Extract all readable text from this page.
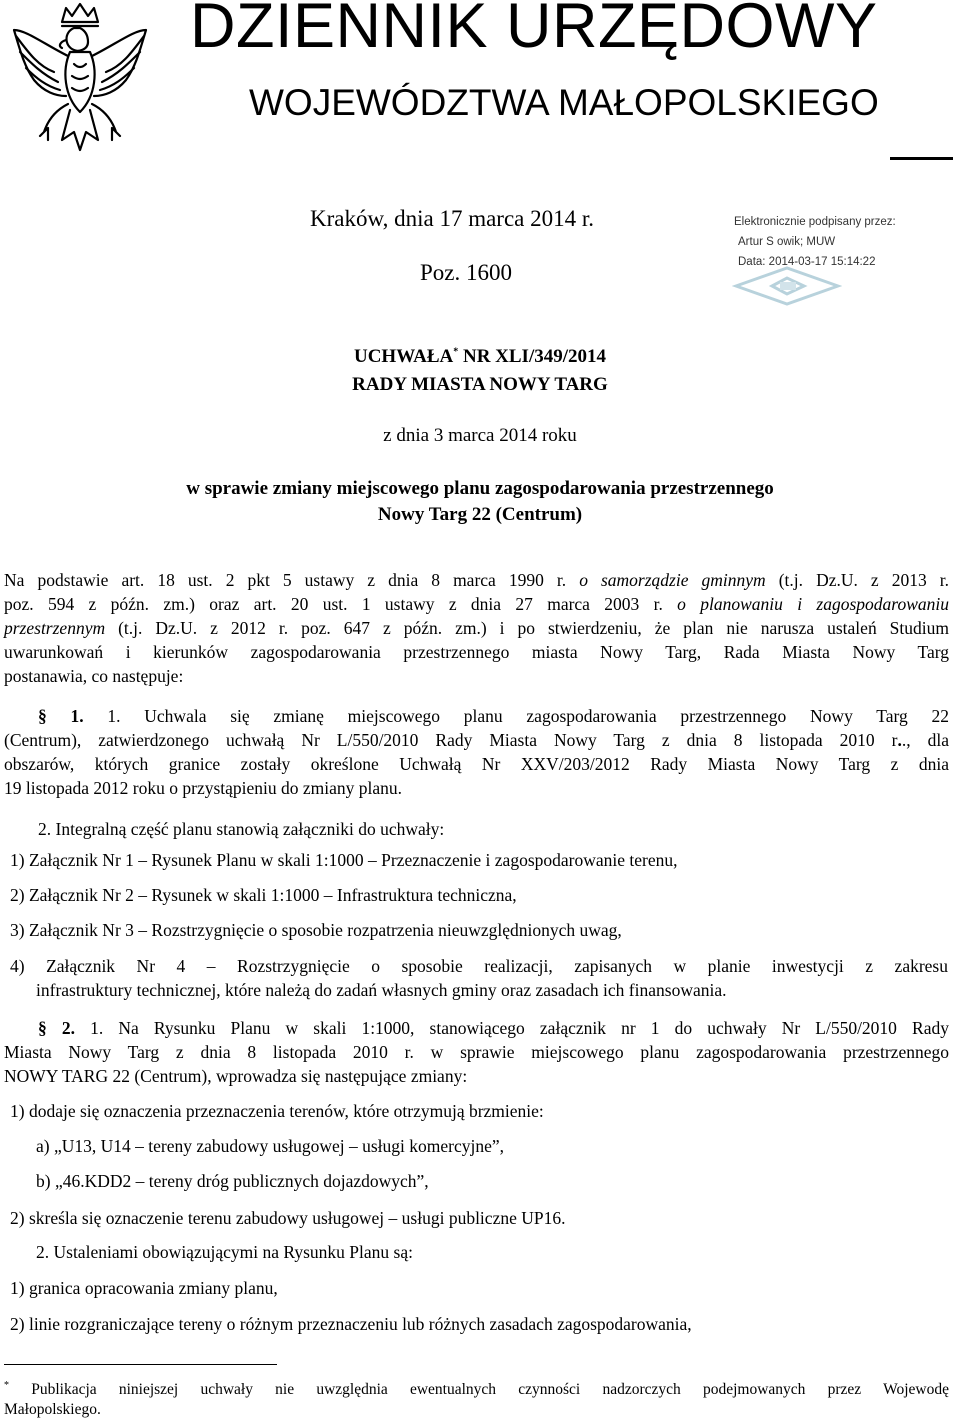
DZIENNIK URZĘDOWY
WOJEWÓDZTWA MAŁOPOLSKIEGO
Kraków, dnia 17 marca 2014 r.
Poz. 1600
Elektronicznie podpisany przez:
Artur S owik; MUW
Data: 2014-03-17 15:14:22
UCHWAŁA* NR XLI/349/2014
RADY MIASTA NOWY TARG
z dnia 3 marca 2014 roku
w sprawie zmiany miejscowego planu zagospodarowania przestrzennego
Nowy Targ 22 (Centrum)
Na podstawie art. 18 ust. 2 pkt 5 ustawy z dnia 8 marca 1990 r. o samorządzie gminnym (t.j. Dz.U. z 2013 r.
poz. 594 z późn. zm.) oraz art. 20 ust. 1 ustawy z dnia 27 marca 2003 r. o planowaniu i zagospodarowaniu
przestrzennym (t.j. Dz.U. z 2012 r. poz. 647 z późn. zm.) i po stwierdzeniu, że plan nie narusza ustaleń Studium
uwarunkowań i kierunków zagospodarowania przestrzennego miasta Nowy Targ, Rada Miasta Nowy Targ
postanawia, co następuje:
§ 1. 1. Uchwala się zmianę miejscowego planu zagospodarowania przestrzennego Nowy Targ 22
(Centrum), zatwierdzonego uchwałą Nr L/550/2010 Rady Miasta Nowy Targ z dnia 8 listopada 2010 r.., dla
obszarów, których granice zostały określone Uchwałą Nr XXV/203/2012 Rady Miasta Nowy Targ z dnia
19 listopada 2012 roku o przystąpieniu do zmiany planu.
2. Integralną część planu stanowią załączniki do uchwały:
1) Załącznik Nr 1 – Rysunek Planu w skali 1:1000 – Przeznaczenie i zagospodarowanie terenu,
2) Załącznik Nr 2 – Rysunek w skali 1:1000 – Infrastruktura techniczna,
3) Załącznik Nr 3 – Rozstrzygnięcie o sposobie rozpatrzenia nieuwzględnionych uwag,
4) Załącznik Nr 4 – Rozstrzygnięcie o sposobie realizacji, zapisanych w planie inwestycji z zakresu
infrastruktury technicznej, które należą do zadań własnych gminy oraz zasadach ich finansowania.
§ 2. 1. Na Rysunku Planu w skali 1:1000, stanowiącego załącznik nr 1 do uchwały Nr L/550/2010 Rady
Miasta Nowy Targ z dnia 8 listopada 2010 r. w sprawie miejscowego planu zagospodarowania przestrzennego
NOWY TARG 22 (Centrum), wprowadza się następujące zmiany:
1) dodaje się oznaczenia przeznaczenia terenów, które otrzymują brzmienie:
a) „U13, U14 – tereny zabudowy usługowej – usługi komercyjne”,
b) „46.KDD2 – tereny dróg publicznych dojazdowych”,
2) skreśla się oznaczenie terenu zabudowy usługowej – usługi publiczne UP16.
2. Ustaleniami obowiązującymi na Rysunku Planu są:
1) granica opracowania zmiany planu,
2) linie rozgraniczające tereny o różnym przeznaczeniu lub różnych zasadach zagospodarowania,
* Publikacja niniejszej uchwały nie uwzględnia ewentualnych czynności nadzorczych podejmowanych przez Wojewodę
Małopolskiego.
